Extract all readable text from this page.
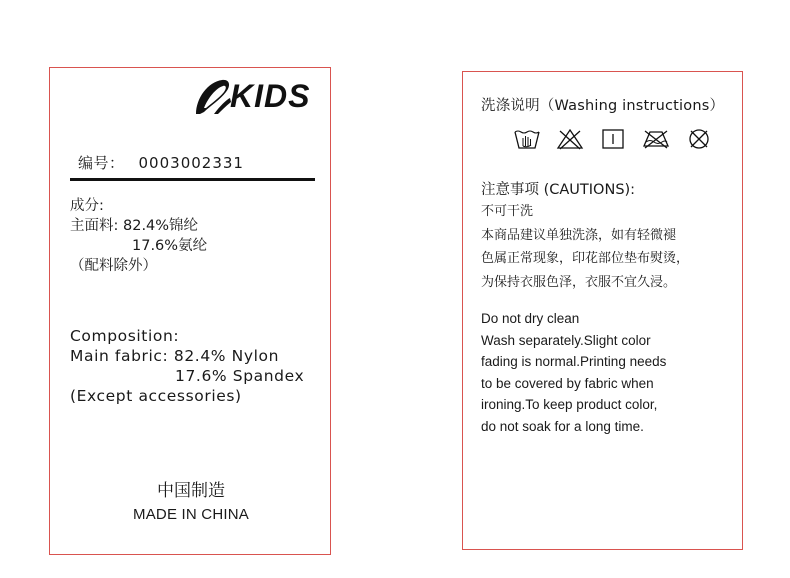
KIDS
编号： 0003002331
成分:
主面料: 82.4%锦纶
17.6%氨纶
（配料除外）
Composition:
Main fabric: 82.4% Nylon
17.6% Spandex
(Except accessories)
中国制造
MADE IN CHINA
洗涤说明（Washing instructions）

注意事项 (CAUTIONS):
不可干洗
本商品建议单独洗涤，如有轻微褪
色属正常现象，印花部位垫布熨烫，
为保持衣服色泽，衣服不宜久浸。
Do not dry clean
Wash separately.Slight color
fading is normal.Printing needs
to be covered by fabric when
ironing.To keep product color,
do not soak for a long time.
